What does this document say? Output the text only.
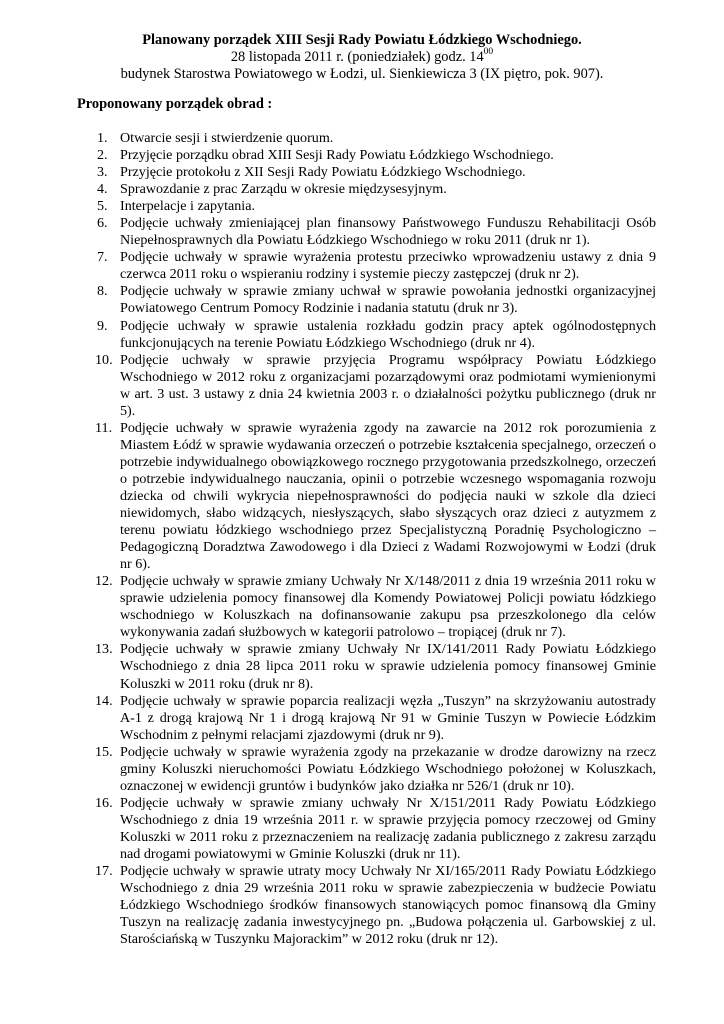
Planowany porządek XIII Sesji Rady Powiatu Łódzkiego Wschodniego.
28 listopada 2011 r. (poniedziałek) godz. $14^{00}$
budynek Starostwa Powiatowego w Łodzi, ul. Sienkiewicza 3 (IX piętro, pok. 907).
Proponowany porządek obrad :
1. Otwarcie sesji i stwierdzenie quorum.
2. Przyjęcie porządku obrad XIII Sesji Rady Powiatu Łódzkiego Wschodniego.
3. Przyjęcie protokołu z XII Sesji Rady Powiatu Łódzkiego Wschodniego.
4. Sprawozdanie z prac Zarządu w okresie międzysesyjnym.
5. Interpelacje i zapytania.
6. Podjęcie uchwały zmieniającej plan finansowy Państwowego Funduszu Rehabilitacji Osób Niepełnosprawnych dla Powiatu Łódzkiego Wschodniego w roku 2011 (druk nr 1).
7. Podjęcie uchwały w sprawie wyrażenia protestu przeciwko wprowadzeniu ustawy z dnia 9 czerwca 2011 roku o wspieraniu rodziny i systemie pieczy zastępczej (druk nr 2).
8. Podjęcie uchwały w sprawie zmiany uchwał w sprawie powołania jednostki organizacyjnej Powiatowego Centrum Pomocy Rodzinie i nadania statutu (druk nr 3).
9. Podjęcie uchwały w sprawie ustalenia rozkładu godzin pracy aptek ogólnodostępnych funkcjonujących na terenie Powiatu Łódzkiego Wschodniego (druk nr 4).
10. Podjęcie uchwały w sprawie przyjęcia Programu współpracy Powiatu Łódzkiego Wschodniego w 2012 roku z organizacjami pozarządowymi oraz podmiotami wymienionymi w art. 3 ust. 3 ustawy z dnia 24 kwietnia 2003 r. o działalności pożytku publicznego (druk nr 5).
11. Podjęcie uchwały w sprawie wyrażenia zgody na zawarcie na 2012 rok porozumienia z Miastem Łódź w sprawie wydawania orzeczeń o potrzebie kształcenia specjalnego, orzeczeń o potrzebie indywidualnego obowiązkowego rocznego przygotowania przedszkolnego, orzeczeń o potrzebie indywidualnego nauczania, opinii o potrzebie wczesnego wspomagania rozwoju dziecka od chwili wykrycia niepełnosprawności do podjęcia nauki w szkole dla dzieci niewidomych, słabo widzących, niesłyszących, słabo słyszących oraz dzieci z autyzmem z terenu powiatu łódzkiego wschodniego przez Specjalistyczną Poradnię Psychologiczno – Pedagogiczną Doradztwa Zawodowego i dla Dzieci z Wadami Rozwojowymi w Łodzi (druk nr 6).
12. Podjęcie uchwały w sprawie zmiany Uchwały Nr X/148/2011 z dnia 19 września 2011 roku w sprawie udzielenia pomocy finansowej dla Komendy Powiatowej Policji powiatu łódzkiego wschodniego w Koluszkach na dofinansowanie zakupu psa przeszkolonego dla celów wykonywania zadań służbowych w kategorii patrolowo – tropiącej (druk nr 7).
13. Podjęcie uchwały w sprawie zmiany Uchwały Nr IX/141/2011 Rady Powiatu Łódzkiego Wschodniego z dnia 28 lipca 2011 roku w sprawie udzielenia pomocy finansowej Gminie Koluszki w 2011 roku (druk nr 8).
14. Podjęcie uchwały w sprawie poparcia realizacji węzła „Tuszyn” na skrzyżowaniu autostrady A-1 z drogą krajową Nr 1 i drogą krajową Nr 91 w Gminie Tuszyn w Powiecie Łódzkim Wschodnim z pełnymi relacjami zjazdowymi (druk nr 9).
15. Podjęcie uchwały w sprawie wyrażenia zgody na przekazanie w drodze darowizny na rzecz gminy Koluszki nieruchomości Powiatu Łódzkiego Wschodniego położonej w Koluszkach, oznaczonej w ewidencji gruntów i budynków jako działka nr 526/1 (druk nr 10).
16. Podjęcie uchwały w sprawie zmiany uchwały Nr X/151/2011 Rady Powiatu Łódzkiego Wschodniego z dnia 19 września 2011 r. w sprawie przyjęcia pomocy rzeczowej od Gminy Koluszki w 2011 roku z przeznaczeniem na realizację zadania publicznego z zakresu zarządu nad drogami powiatowymi w Gminie Koluszki (druk nr 11).
17. Podjęcie uchwały w sprawie utraty mocy Uchwały Nr XI/165/2011 Rady Powiatu Łódzkiego Wschodniego z dnia 29 września 2011 roku w sprawie zabezpieczenia w budżecie Powiatu Łódzkiego Wschodniego środków finansowych stanowiących pomoc finansową dla Gminy Tuszyn na realizację zadania inwestycyjnego pn. „Budowa połączenia ul. Garbowskiej z ul. Starościańską w Tuszynku Majorackim” w 2012 roku (druk nr 12).
